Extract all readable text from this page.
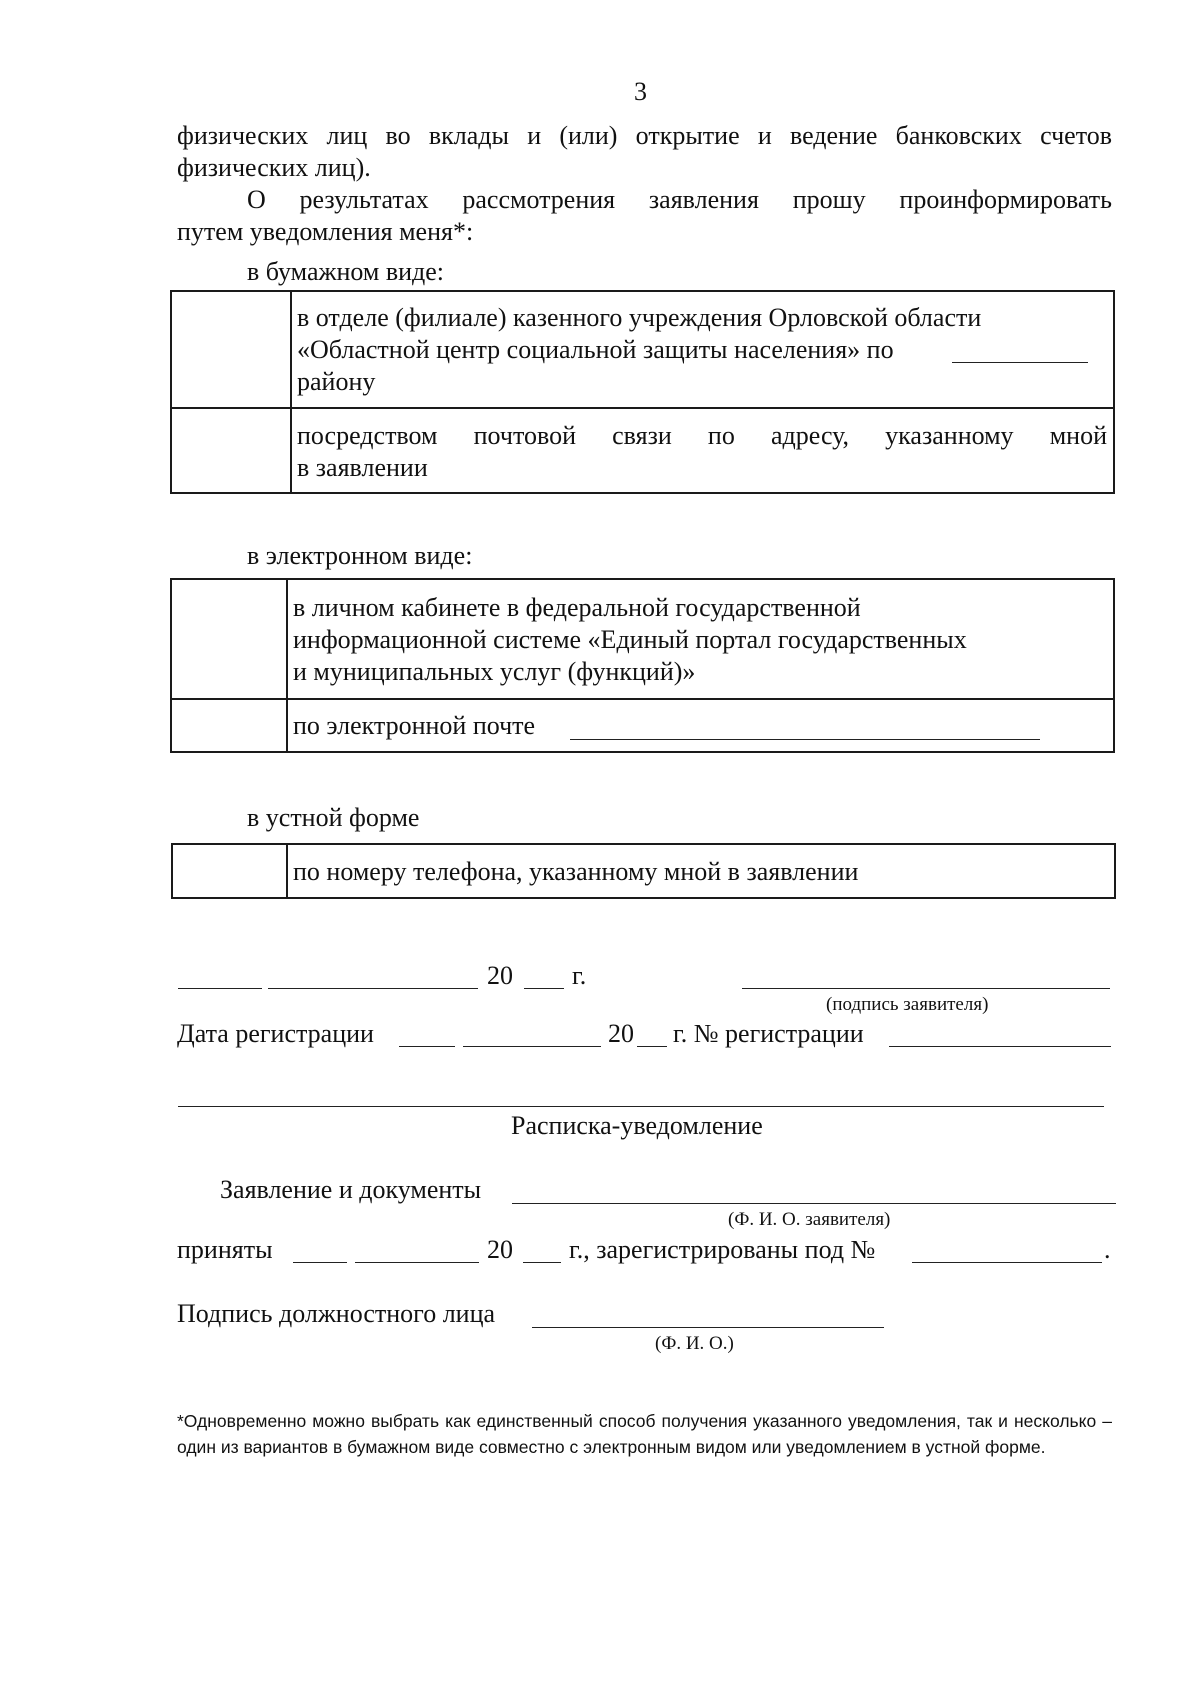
3
физических лиц во вклады и (или) открытие и ведение банковских счетов
физических лиц).
О результатах рассмотрения заявления прошу проинформировать
путем уведомления меня*:
в бумажном виде:
в отделе (филиале) казенного учреждения Орловской области
«Областной центр социальной защиты населения» по
району
посредством почтовой связи по адресу, указанному мной
в заявлении
в электронном виде:
в личном кабинете в федеральной государственной
информационной системе «Единый портал государственных
и муниципальных услуг (функций)»
по электронной почте
в устной форме
по номеру телефона, указанному мной в заявлении
20 г.
(подпись заявителя)
Дата регистрации	20 г. № регистрации
Расписка-уведомление
Заявление и документы
(Ф. И. О. заявителя)
приняты	20 г., зарегистрированы под №	.
Подпись должностного лица
(Ф. И. О.)
*Одновременно можно выбрать как единственный способ получения указанного уведомления, так и несколько – один из вариантов в бумажном виде совместно с электронным видом или уведомлением в устной форме.
